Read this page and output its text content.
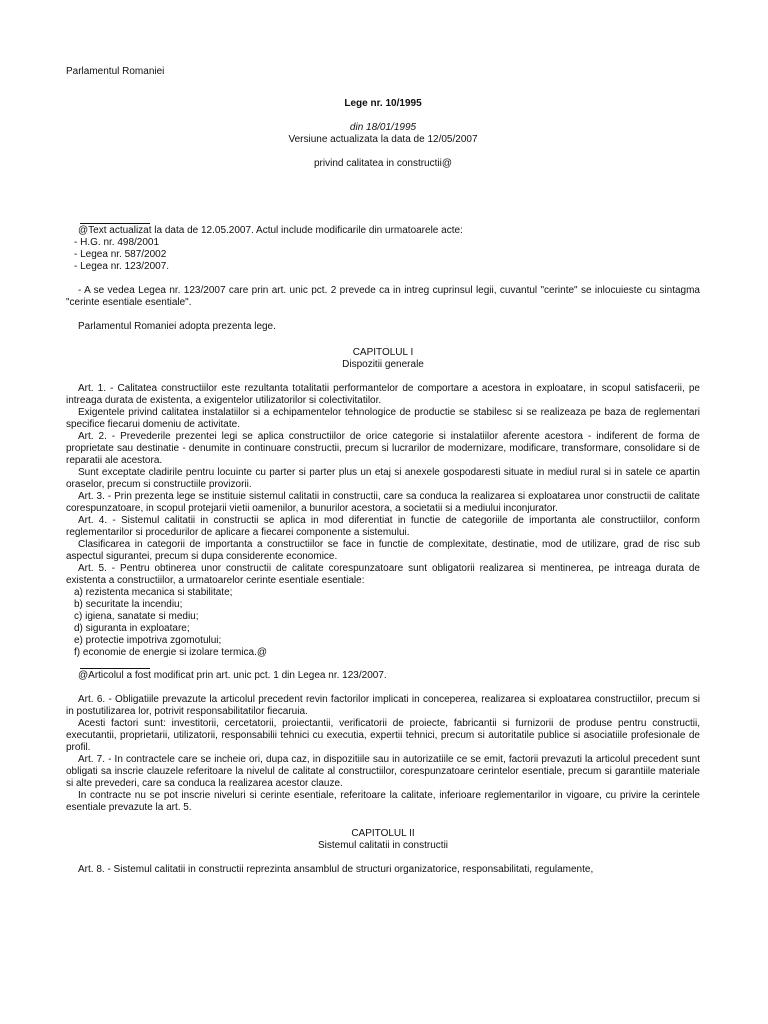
Parlamentul Romaniei

Lege nr. 10/1995

din 18/01/1995

Versiune actualizata la data de 12/05/2007

privind calitatea in constructii@

@Text actualizat la data de 12.05.2007. Actul include modificarile din urmatoarele acte:

- H.G. nr. 498/2001

- Legea nr. 587/2002

- Legea nr. 123/2007.

- A se vedea Legea nr. 123/2007 care prin art. unic pct. 2 prevede ca in intreg cuprinsul legii, cuvantul "cerinte" se inlocuieste cu sintagma "cerinte esentiale esentiale".

Parlamentul Romaniei adopta prezenta lege.

CAPITOLUL I

Dispozitii generale

Art. 1. - Calitatea constructiilor este rezultanta totalitatii performantelor de comportare a acestora in exploatare, in scopul satisfacerii, pe intreaga durata de existenta, a exigentelor utilizatorilor si colectivitatilor.

Exigentele privind calitatea instalatiilor si a echipamentelor tehnologice de productie se stabilesc si se realizeaza pe baza de reglementari specifice fiecarui domeniu de activitate.

Art. 2. - Prevederile prezentei legi se aplica constructiilor de orice categorie si instalatiilor aferente acestora - indiferent de forma de proprietate sau destinatie - denumite in continuare constructii, precum si lucrarilor de modernizare, modificare, transformare, consolidare si de reparatii ale acestora.

Sunt exceptate cladirile pentru locuinte cu parter si parter plus un etaj si anexele gospodaresti situate in mediul rural si in satele ce apartin oraselor, precum si constructiile provizorii.

Art. 3. - Prin prezenta lege se instituie sistemul calitatii in constructii, care sa conduca la realizarea si exploatarea unor constructii de calitate corespunzatoare, in scopul protejarii vietii oamenilor, a bunurilor acestora, a societatii si a mediului inconjurator.

Art. 4. - Sistemul calitatii in constructii se aplica in mod diferentiat in functie de categoriile de importanta ale constructiilor, conform reglementarilor si procedurilor de aplicare a fiecarei componente a sistemului.

Clasificarea in categorii de importanta a constructiilor se face in functie de complexitate, destinatie, mod de utilizare, grad de risc sub aspectul sigurantei, precum si dupa considerente economice.

Art. 5. - Pentru obtinerea unor constructii de calitate corespunzatoare sunt obligatorii realizarea si mentinerea, pe intreaga durata de existenta a constructiilor, a urmatoarelor cerinte esentiale esentiale:

a) rezistenta mecanica si stabilitate;

b) securitate la incendiu;

c) igiena, sanatate si mediu;

d) siguranta in exploatare;

e) protectie impotriva zgomotului;

f) economie de energie si izolare termica.@

@Articolul a fost modificat prin art. unic pct. 1 din Legea nr. 123/2007.

Art. 6. - Obligatiile prevazute la articolul precedent revin factorilor implicati in conceperea, realizarea si exploatarea constructiilor, precum si in postutilizarea lor, potrivit responsabilitatilor fiecaruia.

Acesti factori sunt: investitorii, cercetatorii, proiectantii, verificatorii de proiecte, fabricantii si furnizorii de produse pentru constructii, executantii, proprietarii, utilizatorii, responsabilii tehnici cu executia, expertii tehnici, precum si autoritatile publice si asociatiile profesionale de profil.

Art. 7. - In contractele care se incheie ori, dupa caz, in dispozitiile sau in autorizatiile ce se emit, factorii prevazuti la articolul precedent sunt obligati sa inscrie clauzele referitoare la nivelul de calitate al constructiilor, corespunzatoare cerintelor esentiale, precum si garantiile materiale si alte prevederi, care sa conduca la realizarea acestor clauze.

In contracte nu se pot inscrie niveluri si cerinte esentiale, referitoare la calitate, inferioare reglementarilor in vigoare, cu privire la cerintele esentiale prevazute la art. 5.

CAPITOLUL II

Sistemul calitatii in constructii

Art. 8. - Sistemul calitatii in constructii reprezinta ansamblul de structuri organizatorice, responsabilitati, regulamente,
